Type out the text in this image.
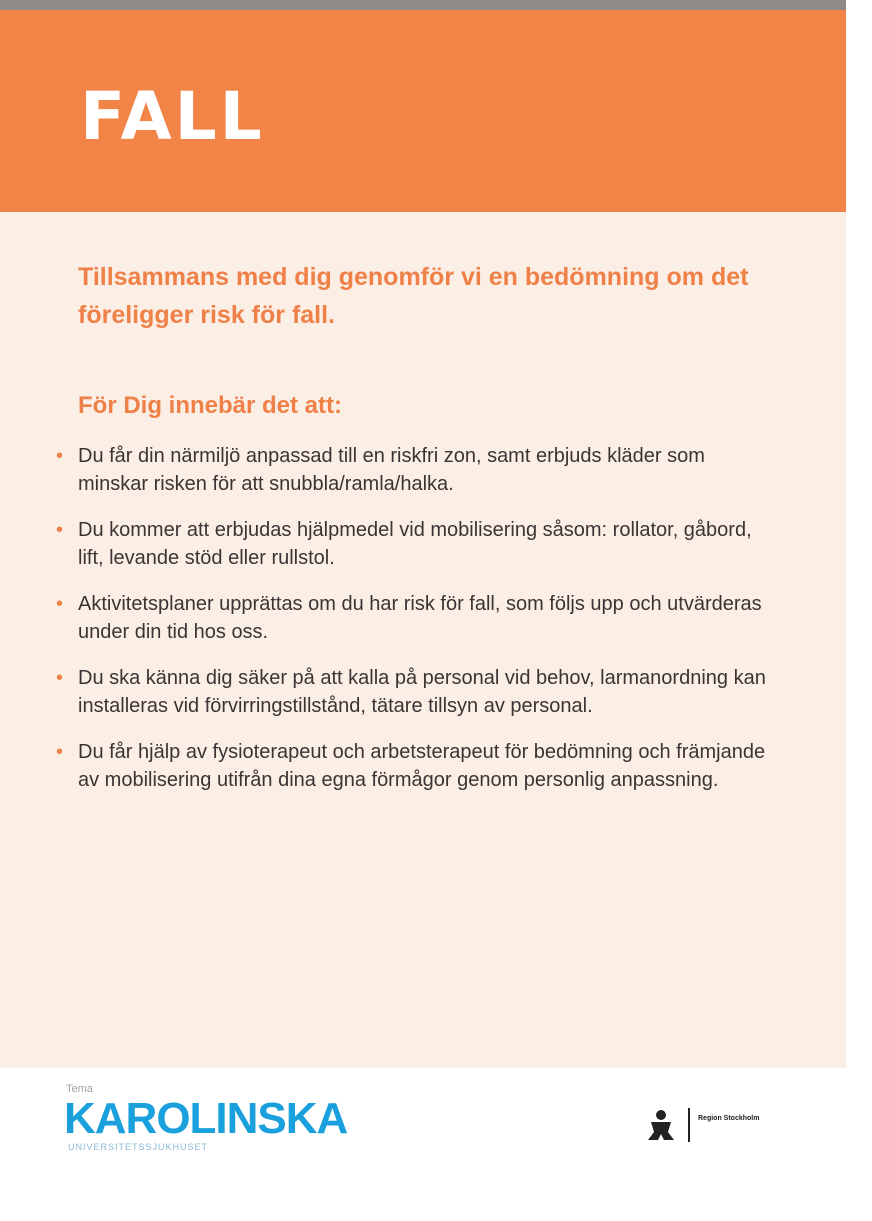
FALL

Tillsammans med dig genomför vi en bedömning om det föreligger risk för fall.

För Dig innebär det att:

• Du får din närmiljö anpassad till en riskfri zon, samt erbjuds kläder som minskar risken för att snubbla/ramla/halka.
• Du kommer att erbjudas hjälpmedel vid mobilisering såsom: rollator, gåbord, lift, levande stöd eller rullstol.
• Aktivitetsplaner upprättas om du har risk för fall, som följs upp och utvärderas under din tid hos oss.
• Du ska känna dig säker på att kalla på personal vid behov, larmanordning kan installeras vid förvirringstillstånd, tätare tillsyn av personal.
• Du får hjälp av fysioterapeut och arbetsterapeut för bedömning och främjande av mobilisering utifrån dina egna förmågor genom personlig anpassning.
Tema
KAROLINSKA
UNIVERSITETSSJUKHUSET
Region Stockholm
